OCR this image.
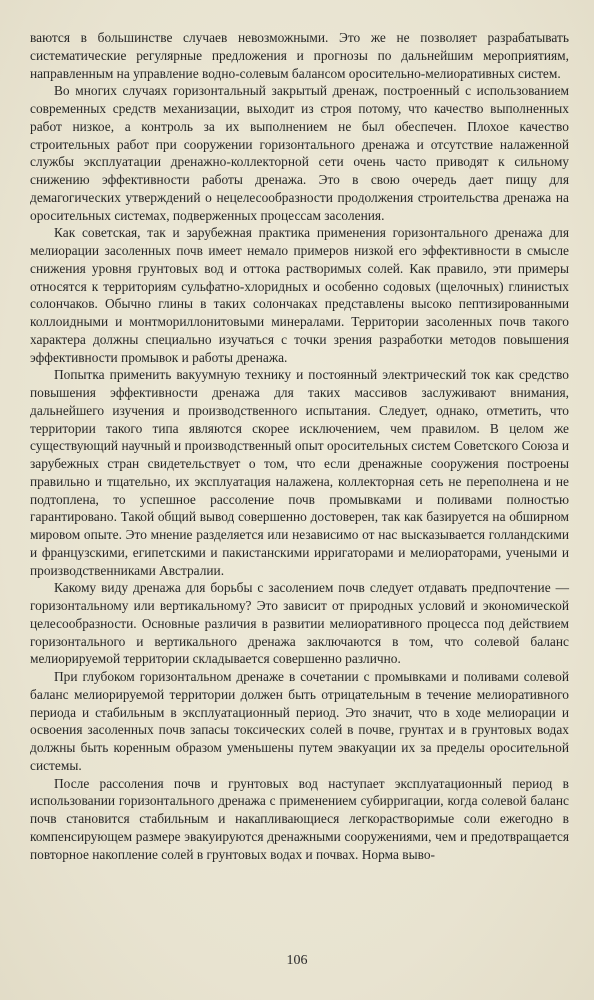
ваются в большинстве случаев невозможными. Это же не позволяет разрабатывать систематические регулярные предложения и прогнозы по дальнейшим мероприятиям, направленным на управление водно-солевым балансом оросительно-мелиоративных систем.

Во многих случаях горизонтальный закрытый дренаж, построенный с использованием современных средств механизации, выходит из строя потому, что качество выполненных работ низкое, а контроль за их выполнением не был обеспечен. Плохое качество строительных работ при сооружении горизонтального дренажа и отсутствие налаженной службы эксплуатации дренажно-коллекторной сети очень часто приводят к сильному снижению эффективности работы дренажа. Это в свою очередь дает пищу для демагогических утверждений о нецелесообразности продолжения строительства дренажа на оросительных системах, подверженных процессам засоления.

Как советская, так и зарубежная практика применения горизонтального дренажа для мелиорации засоленных почв имеет немало примеров низкой его эффективности в смысле снижения уровня грунтовых вод и оттока растворимых солей. Как правило, эти примеры относятся к территориям сульфатно-хлоридных и особенно содовых (щелочных) глинистых солончаков. Обычно глины в таких солончаках представлены высоко пептизированными коллоидными и монтмориллонитовыми минералами. Территории засоленных почв такого характера должны специально изучаться с точки зрения разработки методов повышения эффективности промывок и работы дренажа.

Попытка применить вакуумную технику и постоянный электрический ток как средство повышения эффективности дренажа для таких массивов заслуживают внимания, дальнейшего изучения и производственного испытания. Следует, однако, отметить, что территории такого типа являются скорее исключением, чем правилом. В целом же существующий научный и производственный опыт оросительных систем Советского Союза и зарубежных стран свидетельствует о том, что если дренажные сооружения построены правильно и тщательно, их эксплуатация налажена, коллекторная сеть не переполнена и не подтоплена, то успешное рассоление почв промывками и поливами полностью гарантировано. Такой общий вывод совершенно достоверен, так как базируется на обширном мировом опыте. Это мнение разделяется или независимо от нас высказывается голландскими и французскими, египетскими и пакистанскими ирригаторами и мелиораторами, учеными и производственниками Австралии.

Какому виду дренажа для борьбы с засолением почв следует отдавать предпочтение — горизонтальному или вертикальному? Это зависит от природных условий и экономической целесообразности. Основные различия в развитии мелиоративного процесса под действием горизонтального и вертикального дренажа заключаются в том, что солевой баланс мелиорируемой территории складывается совершенно различно.

При глубоком горизонтальном дренаже в сочетании с промывками и поливами солевой баланс мелиорируемой территории должен быть отрицательным в течение мелиоративного периода и стабильным в эксплуатационный период. Это значит, что в ходе мелиорации и освоения засоленных почв запасы токсических солей в почве, грунтах и в грунтовых водах должны быть коренным образом уменьшены путем эвакуации их за пределы оросительной системы.

После рассоления почв и грунтовых вод наступает эксплуатационный период в использовании горизонтального дренажа с применением субирригации, когда солевой баланс почв становится стабильным и накапливающиеся легкорастворимые соли ежегодно в компенсирующем размере эвакуируются дренажными сооружениями, чем и предотвращается повторное накопление солей в грунтовых водах и почвах. Норма выво-

106
